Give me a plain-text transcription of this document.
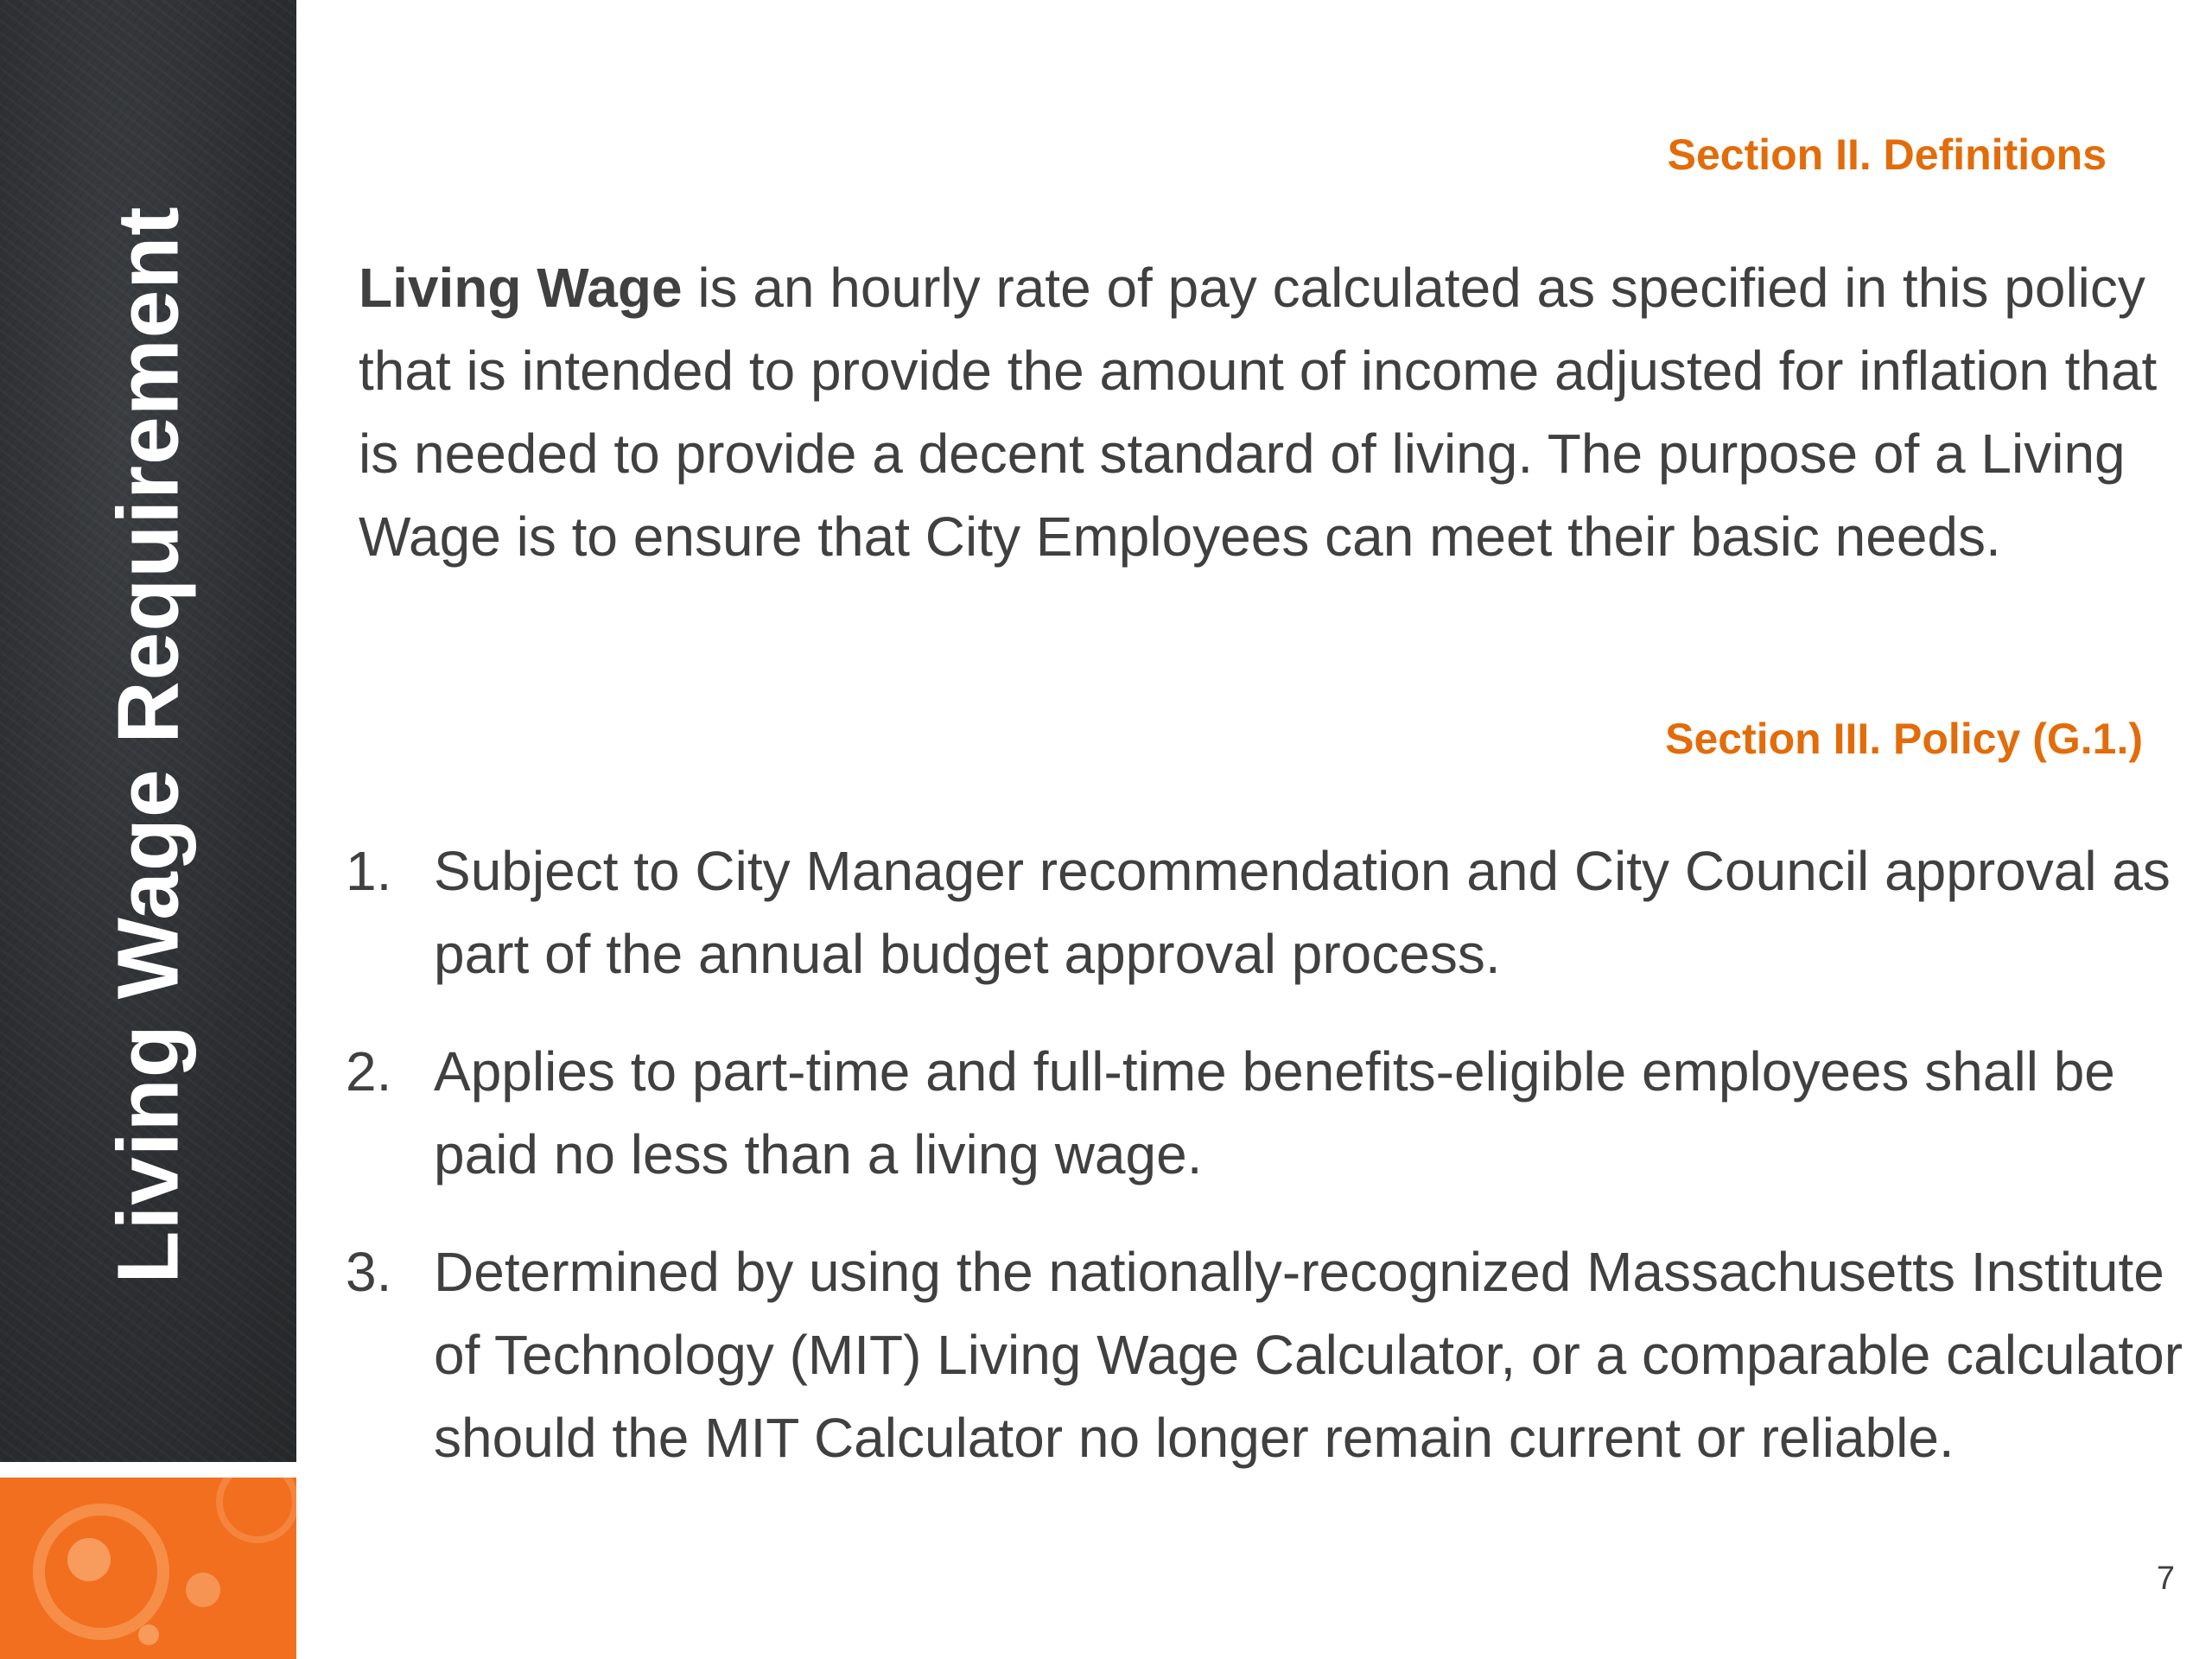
Living Wage Requirement
Section II. Definitions
Living Wage is an hourly rate of pay calculated as specified in this policy that is intended to provide the amount of income adjusted for inflation that is needed to provide a decent standard of living. The purpose of a Living Wage is to ensure that City Employees can meet their basic needs.
Section III. Policy (G.1.)
1. Subject to City Manager recommendation and City Council approval as part of the annual budget approval process.
2. Applies to part-time and full-time benefits-eligible employees shall be paid no less than a living wage.
3. Determined by using the nationally-recognized Massachusetts Institute of Technology (MIT) Living Wage Calculator, or a comparable calculator should the MIT Calculator no longer remain current or reliable.
7
